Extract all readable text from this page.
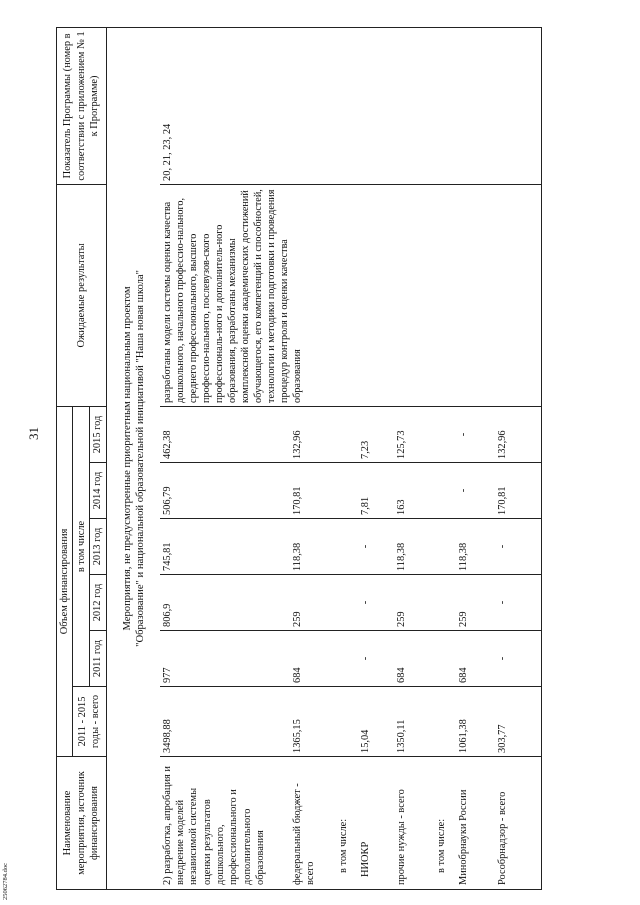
31
25062784.doc
Наименование мероприятия, источник финансирования	Объем финансирования						Ожидаемые результаты	Показатель Программы (номер в соответствии с приложением № 1 к Программе)
	2011 - 2015 годы - всего	в том числе						
		2011 год	2012 год	2013 год	2014 год	2015 год		

Мероприятия, не предусмотренные приоритетным национальным проектом "Образование" и национальной образовательной инициативой "Наша новая школа"								

2) разработка, апробация и внедрение моделей независимой системы оценки результатов дошкольного, профессионального и дополнительного образования	3498,88	977	806,9	745,81	506,79	462,38	разработаны модели системы оценки качества дошкольного, начального профессио-нального, среднего профессионального, высшего профессио-нального, послевузов-ского профессиональ-ного и дополнитель-ного образования, разработаны механизмы комплексной оценки академических достижений обучающегося, его компетенций и способностей, технологии и методики подготовки и проведения процедур контроля и оценки качества образования	20, 21, 23, 24
федеральный бюджет - всего	1365,15	684	259	118,38	170,81	132,96		
в том числе:								
НИОКР	15,04	-	-	-	7,81	7,23		
прочие нужды - всего	1350,11	684	259	118,38	163	125,73		
в том числе:								
Минобрнауки России	1061,38	684	259	118,38	-	-		
Рособрнадзор - всего	303,77	-	-	-	170,81	132,96		
